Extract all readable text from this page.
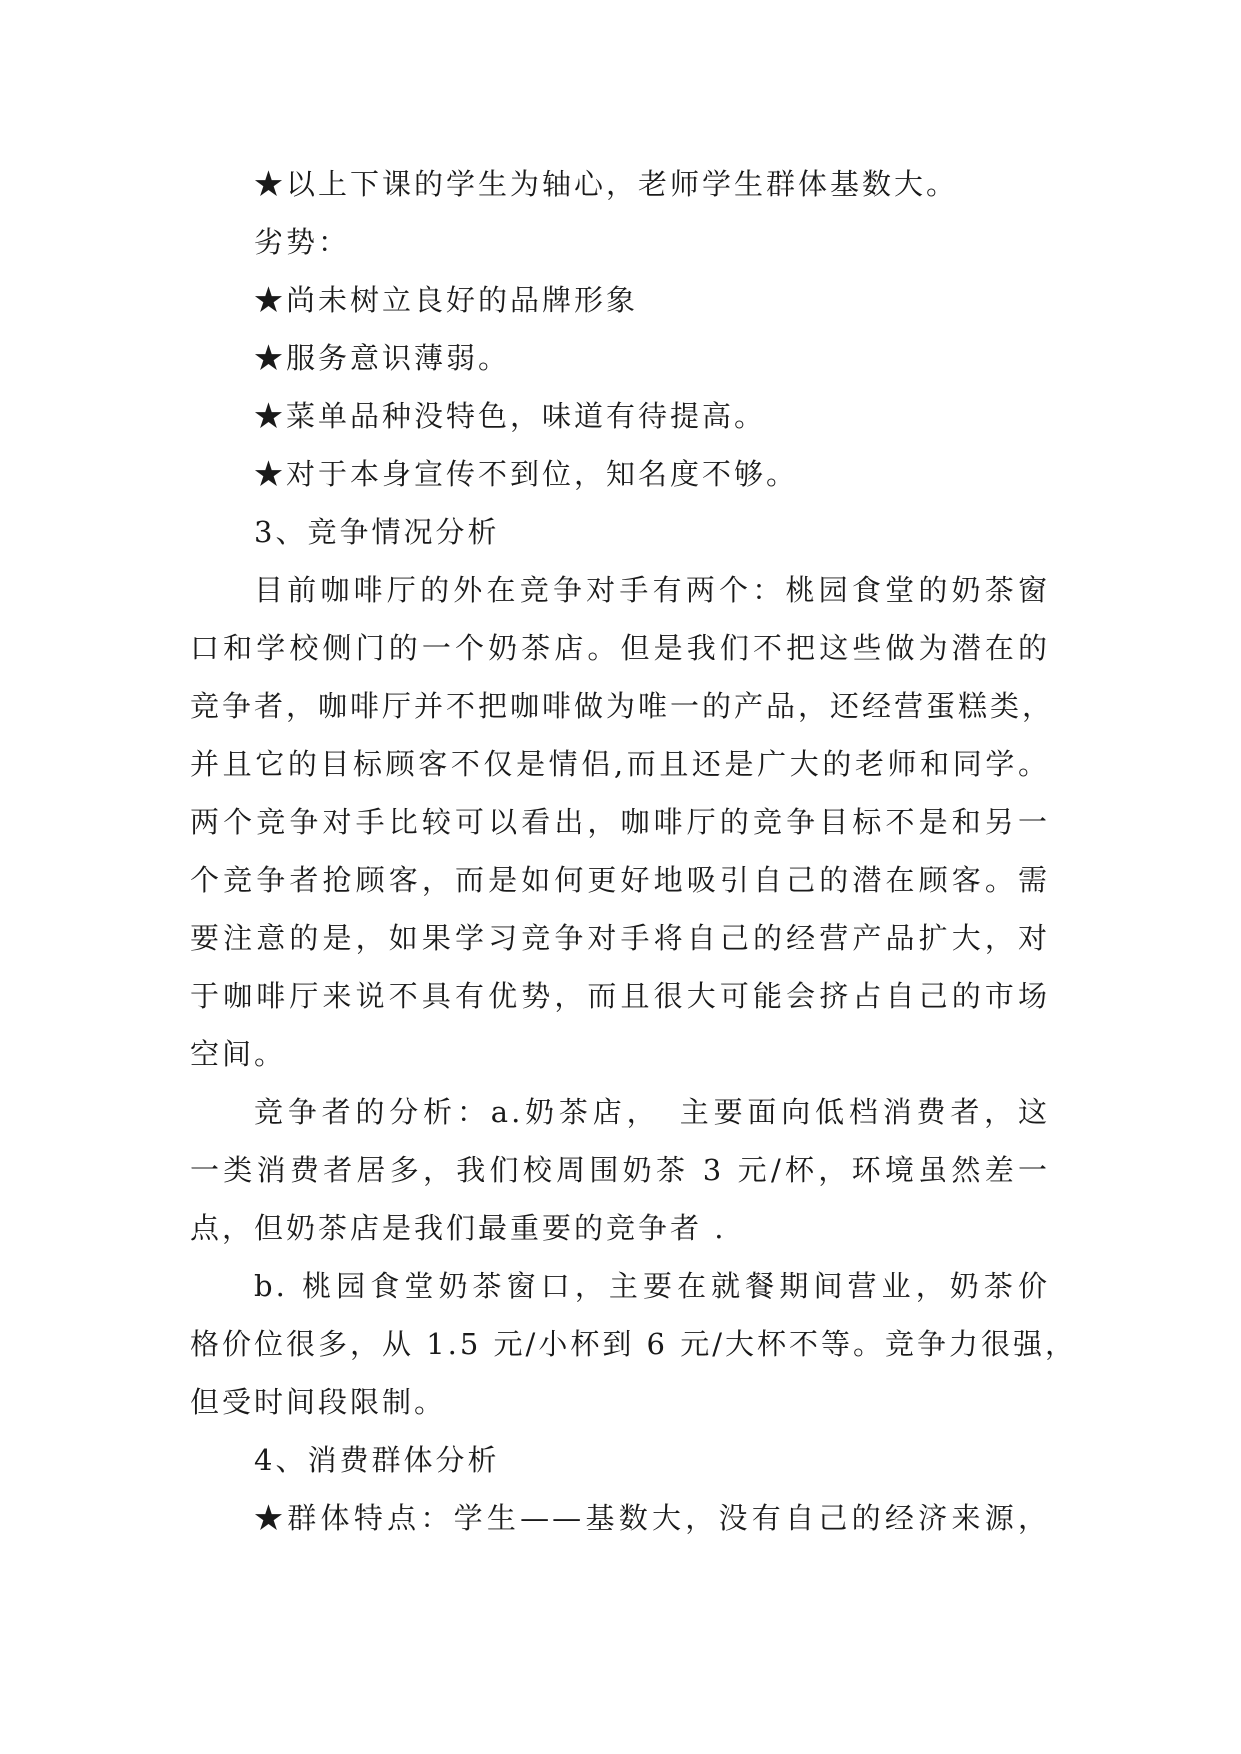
★以上下课的学生为轴心，老师学生群体基数大。
劣势：
★尚未树立良好的品牌形象
★服务意识薄弱。
★菜单品种没特色，味道有待提高。
★对于本身宣传不到位，知名度不够。
3、竞争情况分析
目前咖啡厅的外在竞争对手有两个：桃园食堂的奶茶窗
口和学校侧门的一个奶茶店。但是我们不把这些做为潜在的
竞争者，咖啡厅并不把咖啡做为唯一的产品，还经营蛋糕类，
并且它的目标顾客不仅是情侣,而且还是广大的老师和同学。
两个竞争对手比较可以看出，咖啡厅的竞争目标不是和另一
个竞争者抢顾客，而是如何更好地吸引自己的潜在顾客。需
要注意的是，如果学习竞争对手将自己的经营产品扩大，对
于咖啡厅来说不具有优势，而且很大可能会挤占自己的市场
空间。
竞争者的分析：a.奶茶店，　主要面向低档消费者，这
一类消费者居多，我们校周围奶茶 3 元/杯，环境虽然差一
点，但奶茶店是我们最重要的竞争者 .
b. 桃园食堂奶茶窗口，主要在就餐期间营业，奶茶价
格价位很多，从 1.5 元/小杯到 6 元/大杯不等。竞争力很强，
但受时间段限制。
4、消费群体分析
★群体特点：学生——基数大，没有自己的经济来源，
